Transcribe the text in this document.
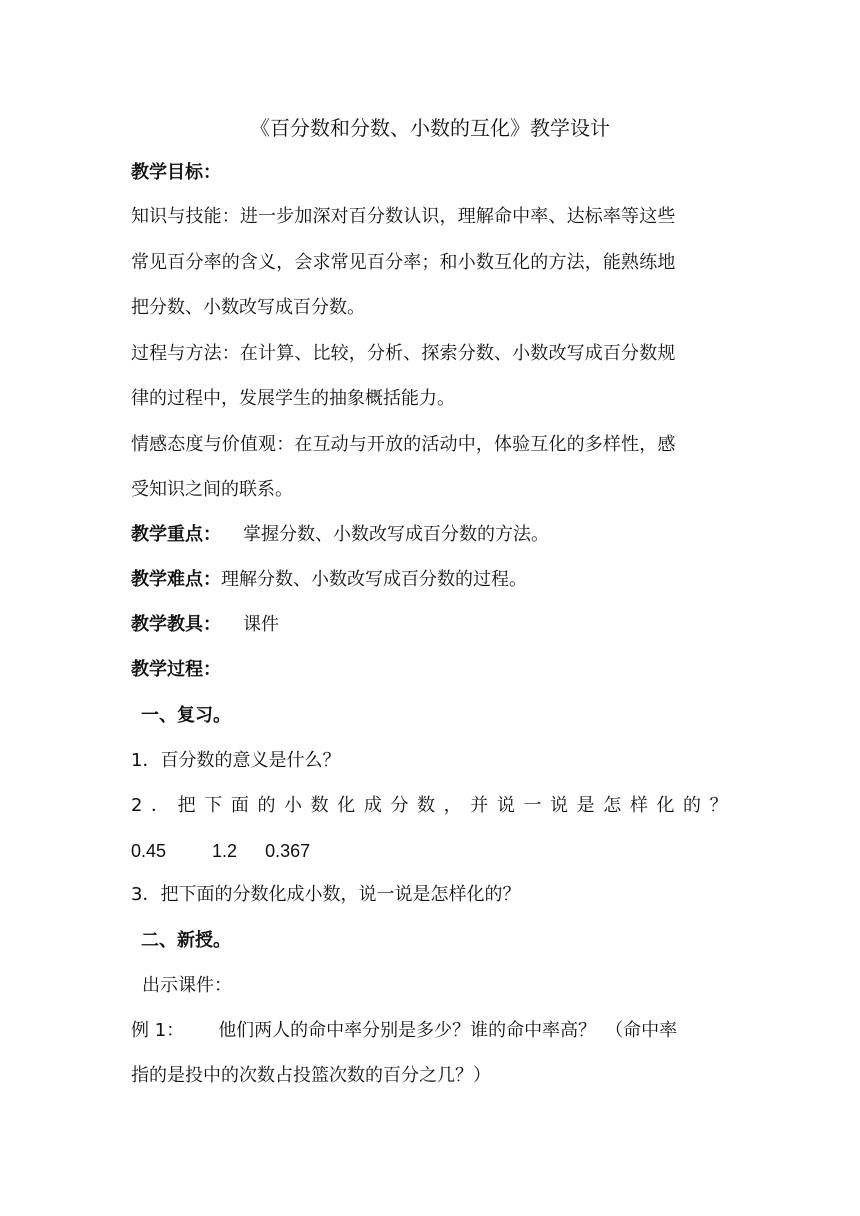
《百分数和分数、小数的互化》教学设计
教学目标：
知识与技能：进一步加深对百分数认识，理解命中率、达标率等这些
常见百分率的含义，会求常见百分率；和小数互化的方法，能熟练地
把分数、小数改写成百分数。
过程与方法：在计算、比较，分析、探索分数、小数改写成百分数规
律的过程中，发展学生的抽象概括能力。
情感态度与价值观：在互动与开放的活动中，体验互化的多样性，感
受知识之间的联系。
教学重点： 掌握分数、小数改写成百分数的方法。
教学难点：理解分数、小数改写成百分数的过程。
教学教具： 课件
教学过程：
一、复习。
1．百分数的意义是什么？
2．把下面的小数化成分数，并说一说是怎样化的？
0.45	1.2 0.367
3．把下面的分数化成小数，说一说是怎样化的？
二、新授。
出示课件：
例 1： 他们两人的命中率分别是多少？谁的命中率高？　（命中率
指的是投中的次数占投篮次数的百分之几？）
